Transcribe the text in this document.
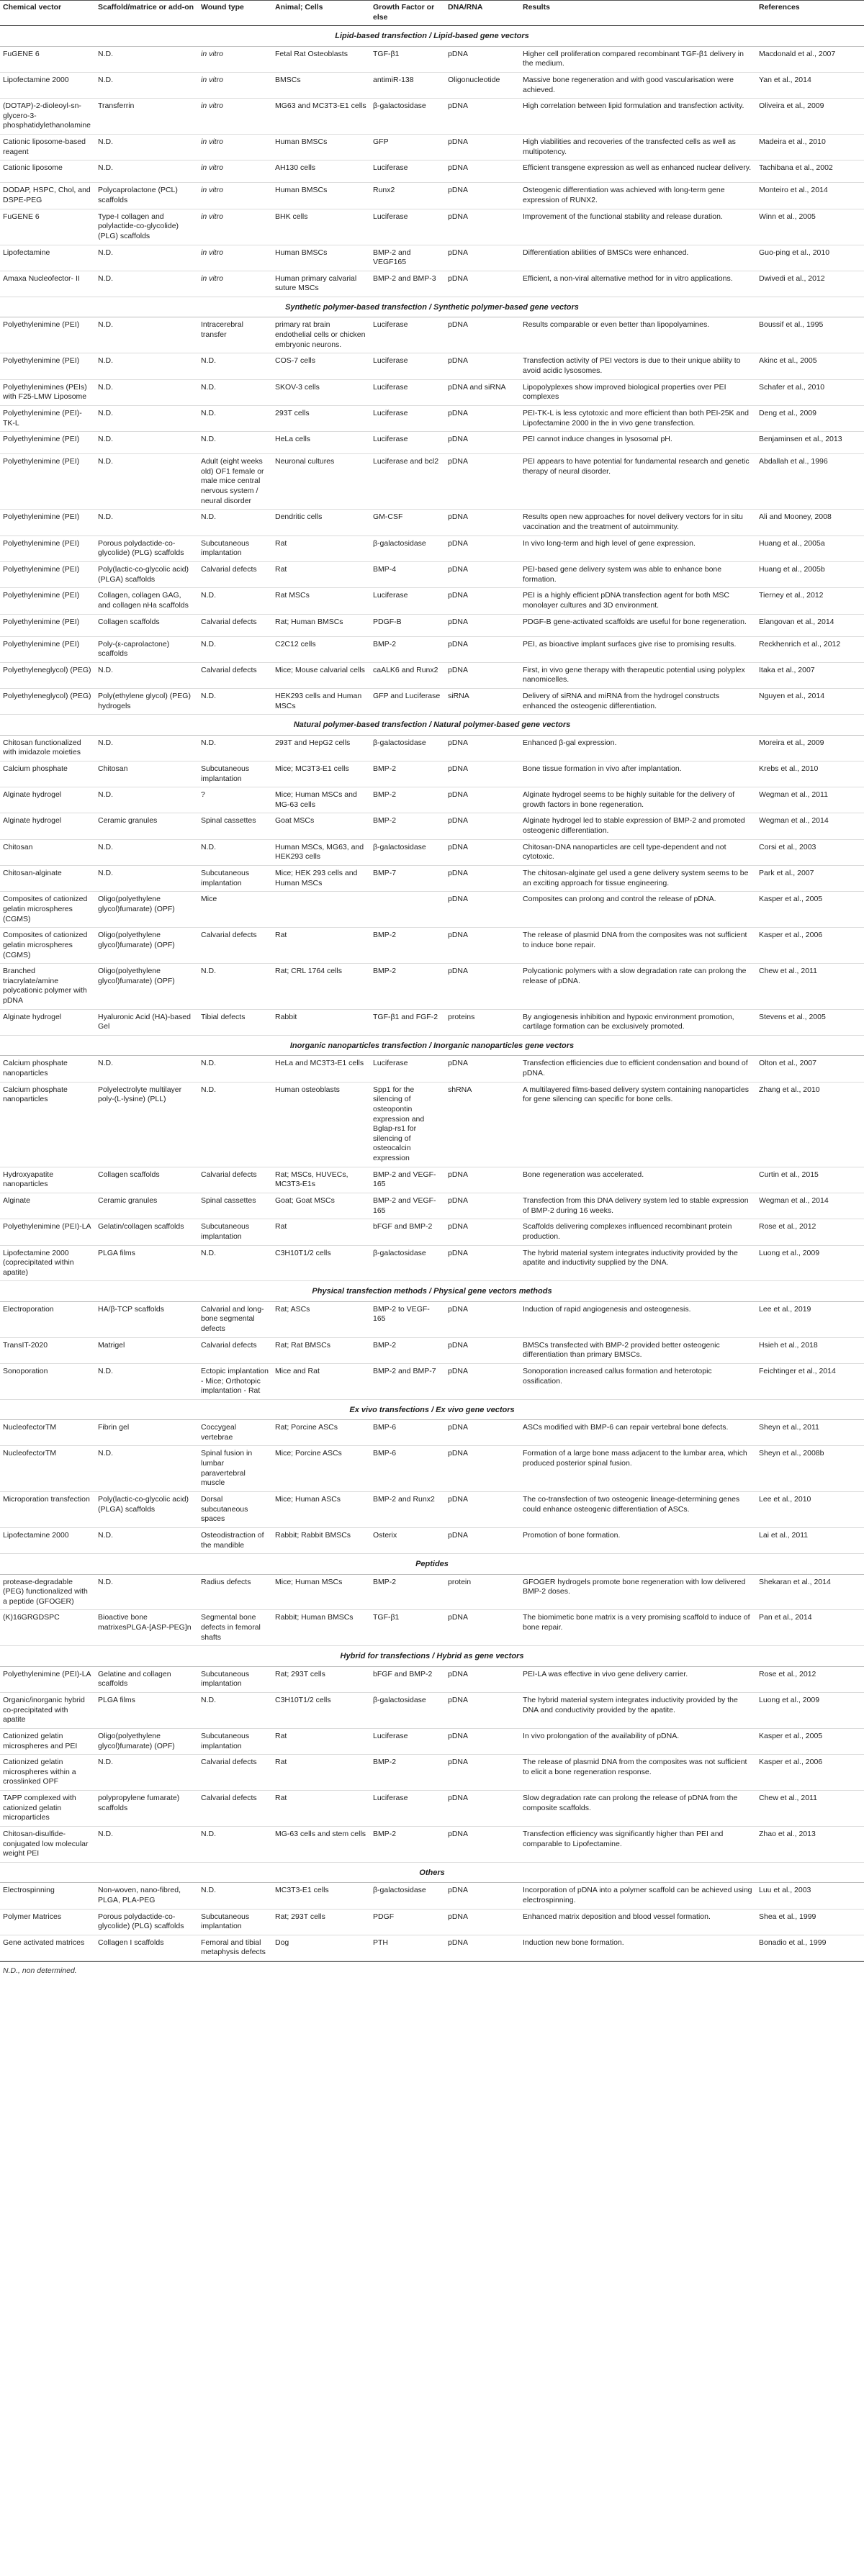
Chemical vector	Scaffold/matrice or add-on	Wound type	Animal; Cells	Growth Factor or else	DNA/RNA	Results	References
Lipid-based transfection / Lipid-based gene vectors							
FuGENE 6	N.D.	in vitro	Fetal Rat Osteoblasts	TGF-β1	pDNA	Higher cell proliferation compared recombinant TGF-β1 delivery in the medium.	Macdonald et al., 2007
Lipofectamine 2000	N.D.	in vitro	BMSCs	antimiR-138	Oligonucleotide	Massive bone regeneration and with good vascularisation were achieved.	Yan et al., 2014
(DOTAP)-2-dioleoyl-sn-glycero-3-phosphatidylethanolamine	Transferrin	in vitro	MG63 and MC3T3-E1 cells	β-galactosidase	pDNA	High correlation between lipid formulation and transfection activity.	Oliveira et al., 2009
Cationic liposome-based reagent	N.D.	in vitro	Human BMSCs	GFP	pDNA	High viabilities and recoveries of the transfected cells as well as multipotency.	Madeira et al., 2010
Cationic liposome	N.D.	in vitro	AH130 cells	Luciferase	pDNA	Efficient transgene expression as well as enhanced nuclear delivery.	Tachibana et al., 2002
DODAP, HSPC, Chol, and DSPE-PEG	Polycaprolactone (PCL) scaffolds	in vitro	Human BMSCs	Runx2	pDNA	Osteogenic differentiation was achieved with long-term gene expression of RUNX2.	Monteiro et al., 2014
FuGENE 6	Type-I collagen and polylactide-co-glycolide) (PLG) scaffolds	in vitro	BHK cells	Luciferase	pDNA	Improvement of the functional stability and release duration.	Winn et al., 2005
Lipofectamine	N.D.	in vitro	Human BMSCs	BMP-2 and VEGF165	pDNA	Differentiation abilities of BMSCs were enhanced.	Guo-ping et al., 2010
Amaxa Nucleofector- II	N.D.	in vitro	Human primary calvarial suture MSCs	BMP-2 and BMP-3	pDNA	Efficient, a non-viral alternative method for in vitro applications.	Dwivedi et al., 2012
Synthetic polymer-based transfection / Synthetic polymer-based gene vectors							
Polyethylenimine (PEI)	N.D.	Intracerebral transfer	primary rat brain endothelial cells or chicken embryonic neurons.	Luciferase	pDNA	Results comparable or even better than lipopolyamines.	Boussif et al., 1995
Polyethylenimine (PEI)	N.D.	N.D.	COS-7 cells	Luciferase	pDNA	Transfection activity of PEI vectors is due to their unique ability to avoid acidic lysosomes.	Akinc et al., 2005
Polyethylenimines (PEIs) with F25-LMW Liposome	N.D.	N.D.	SKOV-3 cells	Luciferase	pDNA and siRNA	Lipopolyplexes show improved biological properties over PEI complexes	Schafer et al., 2010
Polyethylenimine (PEI)-TK-L	N.D.	N.D.	293T cells	Luciferase	pDNA	PEI-TK-L is less cytotoxic and more efficient than both PEI-25K and Lipofectamine 2000 in the in vivo gene transfection.	Deng et al., 2009
Polyethylenimine (PEI)	N.D.	N.D.	HeLa cells	Luciferase	pDNA	PEI cannot induce changes in lysosomal pH.	Benjaminsen et al., 2013
Polyethylenimine (PEI)	N.D.	Adult (eight weeks old) OF1 female or male mice central nervous system / neural disorder	Neuronal cultures	Luciferase and bcl2	pDNA	PEI appears to have potential for fundamental research and genetic therapy of neural disorder.	Abdallah et al., 1996
Polyethylenimine (PEI)	N.D.	N.D.	Dendritic cells	GM-CSF	pDNA	Results open new approaches for novel delivery vectors for in situ vaccination and the treatment of autoimmunity.	Ali and Mooney, 2008
Polyethylenimine (PEI)	Porous polydactide-co-glycolide) (PLG) scaffolds	Subcutaneous implantation	Rat	β-galactosidase	pDNA	In vivo long-term and high level of gene expression.	Huang et al., 2005a
Polyethylenimine (PEI)	Poly(lactic-co-glycolic acid) (PLGA) scaffolds	Calvarial defects	Rat	BMP-4	pDNA	PEI-based gene delivery system was able to enhance bone formation.	Huang et al., 2005b
Polyethylenimine (PEI)	Collagen, collagen GAG, and collagen nHa scaffolds	N.D.	Rat MSCs	Luciferase	pDNA	PEI is a highly efficient pDNA transfection agent for both MSC monolayer cultures and 3D environment.	Tierney et al., 2012
Polyethylenimine (PEI)	Collagen scaffolds	Calvarial defects	Rat; Human BMSCs	PDGF-B	pDNA	PDGF-B gene-activated scaffolds are useful for bone regeneration.	Elangovan et al., 2014
Polyethylenimine (PEI)	Poly-(ε-caprolactone) scaffolds	N.D.	C2C12 cells	BMP-2	pDNA	PEI, as bioactive implant surfaces give rise to promising results.	Reckhenrich et al., 2012
Polyethyleneglycol) (PEG)	N.D.	Calvarial defects	Mice; Mouse calvarial cells	caALK6 and Runx2	pDNA	First, in vivo gene therapy with therapeutic potential using polyplex nanomicelles.	Itaka et al., 2007
Polyethyleneglycol) (PEG)	Poly(ethylene glycol) (PEG) hydrogels	N.D.	HEK293 cells and Human MSCs	GFP and Luciferase	siRNA	Delivery of siRNA and miRNA from the hydrogel constructs enhanced the osteogenic differentiation.	Nguyen et al., 2014
Natural polymer-based transfection / Natural polymer-based gene vectors							
Chitosan functionalized with imidazole moieties	N.D.	N.D.	293T and HepG2 cells	β-galactosidase	pDNA	Enhanced β-gal expression.	Moreira et al., 2009
Calcium phosphate	Chitosan	Subcutaneous implantation	Mice; MC3T3-E1 cells	BMP-2	pDNA	Bone tissue formation in vivo after implantation.	Krebs et al., 2010
Alginate hydrogel	N.D.	?	Mice; Human MSCs and MG-63 cells	BMP-2	pDNA	Alginate hydrogel seems to be highly suitable for the delivery of growth factors in bone regeneration.	Wegman et al., 2011
Alginate hydrogel	Ceramic granules	Spinal cassettes	Goat MSCs	BMP-2	pDNA	Alginate hydrogel led to stable expression of BMP-2 and promoted osteogenic differentiation.	Wegman et al., 2014
Chitosan	N.D.	N.D.	Human MSCs, MG63, and HEK293 cells	β-galactosidase	pDNA	Chitosan-DNA nanoparticles are cell type-dependent and not cytotoxic.	Corsi et al., 2003
Chitosan-alginate	N.D.	Subcutaneous implantation	Mice; HEK 293 cells and Human MSCs	BMP-7	pDNA	The chitosan-alginate gel used a gene delivery system seems to be an exciting approach for tissue engineering.	Park et al., 2007
Composites of cationized gelatin microspheres (CGMS)	Oligo(polyethylene glycol)fumarate) (OPF)	Mice			pDNA	Composites can prolong and control the release of pDNA.	Kasper et al., 2005
Composites of cationized gelatin microspheres (CGMS)	Oligo(polyethylene glycol)fumarate) (OPF)	Calvarial defects	Rat	BMP-2	pDNA	The release of plasmid DNA from the composites was not sufficient to induce bone repair.	Kasper et al., 2006
Branched triacrylate/amine polycationic polymer with pDNA	Oligo(polyethylene glycol)fumarate) (OPF)	N.D.	Rat; CRL 1764 cells	BMP-2	pDNA	Polycationic polymers with a slow degradation rate can prolong the release of pDNA.	Chew et al., 2011
Alginate hydrogel	Hyaluronic Acid (HA)-based Gel	Tibial defects	Rabbit	TGF-β1 and FGF-2	proteins	By angiogenesis inhibition and hypoxic environment promotion, cartilage formation can be exclusively promoted.	Stevens et al., 2005
Inorganic nanoparticles transfection / Inorganic nanoparticles gene vectors							
Calcium phosphate nanoparticles	N.D.	N.D.	HeLa and MC3T3-E1 cells	Luciferase	pDNA	Transfection efficiencies due to efficient condensation and bound of pDNA.	Olton et al., 2007
Calcium phosphate nanoparticles	Polyelectrolyte multilayer poly-(L-lysine) (PLL)	N.D.	Human osteoblasts	Spp1 for the silencing of osteopontin expression and Bglap-rs1 for silencing of osteocalcin expression	shRNA	A multilayered films-based delivery system containing nanoparticles for gene silencing can specific for bone cells.	Zhang et al., 2010
Hydroxyapatite nanoparticles	Collagen scaffolds	Calvarial defects	Rat; MSCs, HUVECs, MC3T3-E1s	BMP-2 and VEGF-165	pDNA	Bone regeneration was accelerated.	Curtin et al., 2015
Alginate	Ceramic granules	Spinal cassettes	Goat; Goat MSCs	BMP-2 and VEGF-165	pDNA	Transfection from this DNA delivery system led to stable expression of BMP-2 during 16 weeks.	Wegman et al., 2014
Polyethylenimine (PEI)-LA	Gelatin/collagen scaffolds	Subcutaneous implantation	Rat	bFGF and BMP-2	pDNA	Scaffolds delivering complexes influenced recombinant protein production.	Rose et al., 2012
Lipofectamine 2000 (coprecipitated within apatite)	PLGA films	N.D.	C3H10T1/2 cells	β-galactosidase	pDNA	The hybrid material system integrates inductivity provided by the apatite and inductivity supplied by the DNA.	Luong et al., 2009
Physical transfection methods / Physical gene vectors methods							
Electroporation	HA/β-TCP scaffolds	Calvarial and long-bone segmental defects	Rat; ASCs	BMP-2 to VEGF-165	pDNA	Induction of rapid angiogenesis and osteogenesis.	Lee et al., 2019
TransIT-2020	Matrigel	Calvarial defects	Rat; Rat BMSCs	BMP-2	pDNA	BMSCs transfected with BMP-2 provided better osteogenic differentiation than primary BMSCs.	Hsieh et al., 2018
Sonoporation	N.D.	Ectopic implantation - Mice; Orthotopic implantation - Rat	Mice and Rat	BMP-2 and BMP-7	pDNA	Sonoporation increased callus formation and heterotopic ossification.	Feichtinger et al., 2014
Ex vivo transfections / Ex vivo gene vectors							
NucleofectorTM	Fibrin gel	Coccygeal vertebrae	Rat; Porcine ASCs	BMP-6	pDNA	ASCs modified with BMP-6 can repair vertebral bone defects.	Sheyn et al., 2011
NucleofectorTM	N.D.	Spinal fusion in lumbar paravertebral muscle	Mice; Porcine ASCs	BMP-6	pDNA	Formation of a large bone mass adjacent to the lumbar area, which produced posterior spinal fusion.	Sheyn et al., 2008b
Microporation transfection	Poly(lactic-co-glycolic acid) (PLGA) scaffolds	Dorsal subcutaneous spaces	Mice; Human ASCs	BMP-2 and Runx2	pDNA	The co-transfection of two osteogenic lineage-determining genes could enhance osteogenic differentiation of ASCs.	Lee et al., 2010
Lipofectamine 2000	N.D.	Osteodistraction of the mandible	Rabbit; Rabbit BMSCs	Osterix	pDNA	Promotion of bone formation.	Lai et al., 2011
Peptides							
protease-degradable (PEG) functionalized with a peptide (GFOGER)	N.D.	Radius defects	Mice; Human MSCs	BMP-2	protein	GFOGER hydrogels promote bone regeneration with low delivered BMP-2 doses.	Shekaran et al., 2014
(K)16GRGDSPC	Bioactive bone matrixesPLGA-[ASP-PEG]n	Segmental bone defects in femoral shafts	Rabbit; Human BMSCs	TGF-β1	pDNA	The biomimetic bone matrix is a very promising scaffold to induce of bone repair.	Pan et al., 2014
Hybrid for transfections / Hybrid as gene vectors							
Polyethylenimine (PEI)-LA	Gelatine and collagen scaffolds	Subcutaneous implantation	Rat; 293T cells	bFGF and BMP-2	pDNA	PEI-LA was effective in vivo gene delivery carrier.	Rose et al., 2012
Organic/inorganic hybrid co-precipitated with apatite	PLGA films	N.D.	C3H10T1/2 cells	β-galactosidase	pDNA	The hybrid material system integrates inductivity provided by the DNA and conductivity provided by the apatite.	Luong et al., 2009
Cationized gelatin microspheres and PEI	Oligo(polyethylene glycol)fumarate) (OPF)	Subcutaneous implantation	Rat	Luciferase	pDNA	In vivo prolongation of the availability of pDNA.	Kasper et al., 2005
Cationized gelatin microspheres within a crosslinked OPF	N.D.	Calvarial defects	Rat	BMP-2	pDNA	The release of plasmid DNA from the composites was not sufficient to elicit a bone regeneration response.	Kasper et al., 2006
TAPP complexed with cationized gelatin microparticles	polypropylene fumarate) scaffolds	Calvarial defects	Rat	Luciferase	pDNA	Slow degradation rate can prolong the release of pDNA from the composite scaffolds.	Chew et al., 2011
Chitosan-disulfide-conjugated low molecular weight PEI	N.D.	N.D.	MG-63 cells and stem cells	BMP-2	pDNA	Transfection efficiency was significantly higher than PEI and comparable to Lipofectamine.	Zhao et al., 2013
Others							
Electrospinning	Non-woven, nano-fibred, PLGA, PLA-PEG	N.D.	MC3T3-E1 cells	β-galactosidase	pDNA	Incorporation of pDNA into a polymer scaffold can be achieved using electrospinning.	Luu et al., 2003
Polymer Matrices	Porous polydactide-co-glycolide) (PLG) scaffolds	Subcutaneous implantation	Rat; 293T cells	PDGF	pDNA	Enhanced matrix deposition and blood vessel formation.	Shea et al., 1999
Gene activated matrices	Collagen I scaffolds	Femoral and tibial metaphysis defects	Dog	PTH	pDNA	Induction new bone formation.	Bonadio et al., 1999
N.D., non determined.
